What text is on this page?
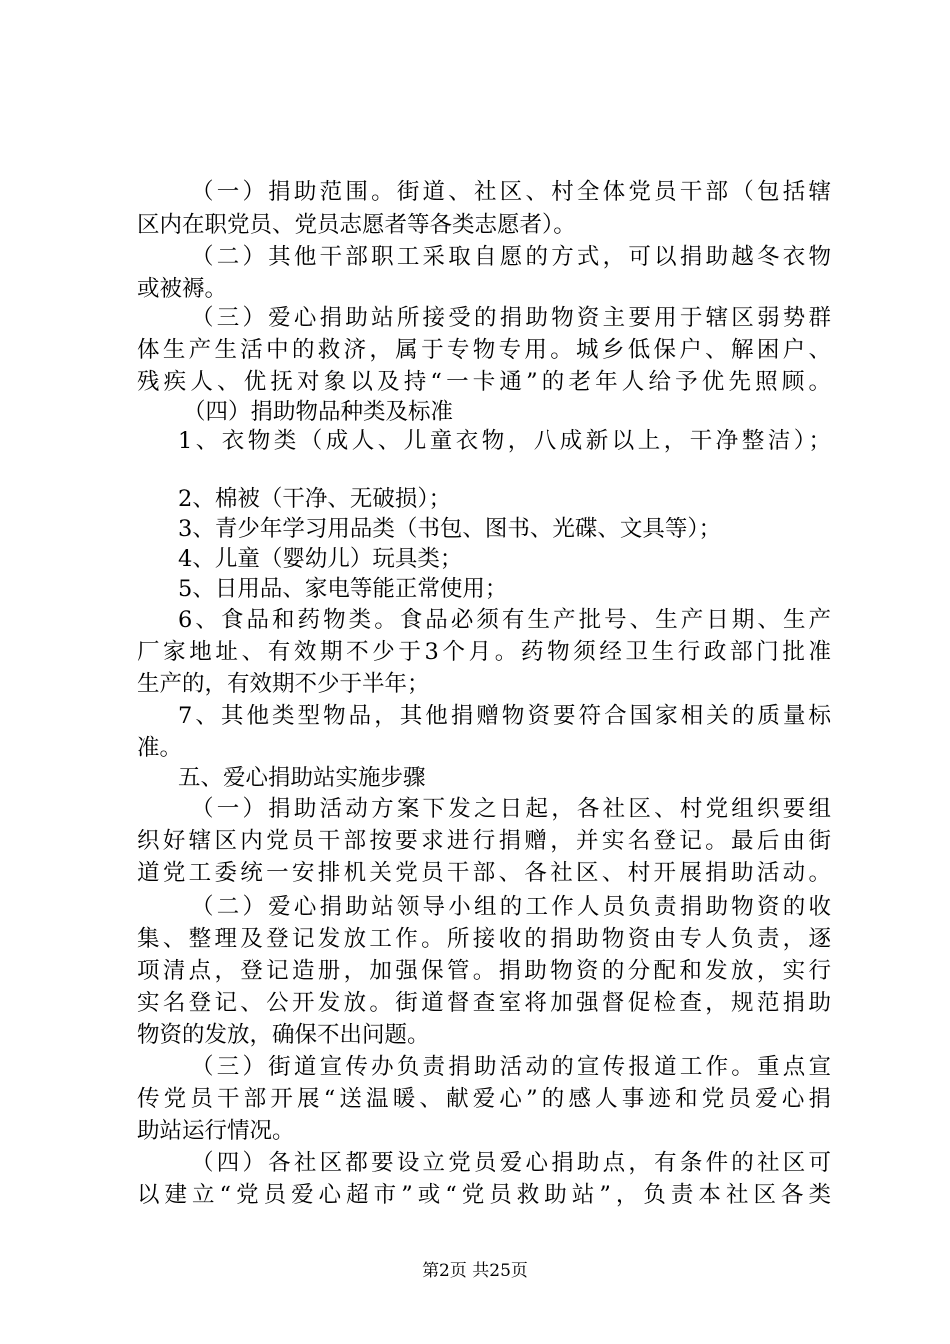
（一）捐助范围。街道、社区、村全体党员干部（包括辖
区内在职党员、党员志愿者等各类志愿者）。
（二）其他干部职工采取自愿的方式，可以捐助越冬衣物
或被褥。
（三）爱心捐助站所接受的捐助物资主要用于辖区弱势群
体生产生活中的救济，属于专物专用。城乡低保户、解困户、
残疾人、优抚对象以及持“一卡通”的老年人给予优先照顾。
（四）捐助物品种类及标准
1、衣物类（成人、儿童衣物，八成新以上，干净整洁）；
2、棉被（干净、无破损）；
3、青少年学习用品类（书包、图书、光碟、文具等）；
4、儿童（婴幼儿）玩具类；
5、日用品、家电等能正常使用；
6、食品和药物类。食品必须有生产批号、生产日期、生产
厂家地址、有效期不少于3个月。药物须经卫生行政部门批准
生产的，有效期不少于半年；
7、其他类型物品，其他捐赠物资要符合国家相关的质量标
准。
五、爱心捐助站实施步骤
（一）捐助活动方案下发之日起，各社区、村党组织要组
织好辖区内党员干部按要求进行捐赠，并实名登记。最后由街
道党工委统一安排机关党员干部、各社区、村开展捐助活动。
（二）爱心捐助站领导小组的工作人员负责捐助物资的收
集、整理及登记发放工作。所接收的捐助物资由专人负责，逐
项清点，登记造册，加强保管。捐助物资的分配和发放，实行
实名登记、公开发放。街道督查室将加强督促检查，规范捐助
物资的发放，确保不出问题。
（三）街道宣传办负责捐助活动的宣传报道工作。重点宣
传党员干部开展“送温暖、献爱心”的感人事迹和党员爱心捐
助站运行情况。
（四）各社区都要设立党员爱心捐助点，有条件的社区可
以建立“党员爱心超市”或“党员救助站”，负责本社区各类
第2页 共25页
